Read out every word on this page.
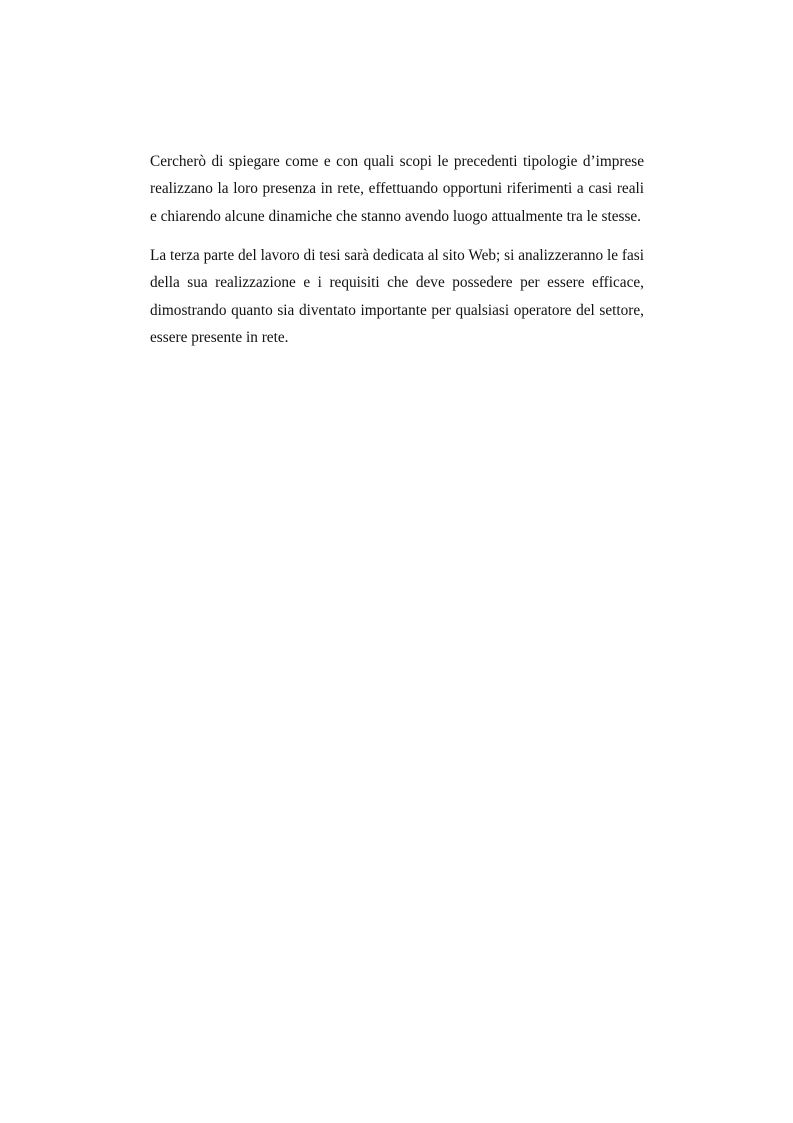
Cercherò di spiegare come e con quali scopi le precedenti tipologie d’imprese realizzano la loro presenza in rete, effettuando opportuni riferimenti a casi reali e chiarendo alcune dinamiche che stanno avendo luogo attualmente tra le stesse.

La terza parte del lavoro di tesi sarà dedicata al sito Web; si analizzeranno le fasi della sua realizzazione e i requisiti che deve possedere per essere efficace, dimostrando quanto sia diventato importante per qualsiasi operatore del settore, essere presente in rete.
